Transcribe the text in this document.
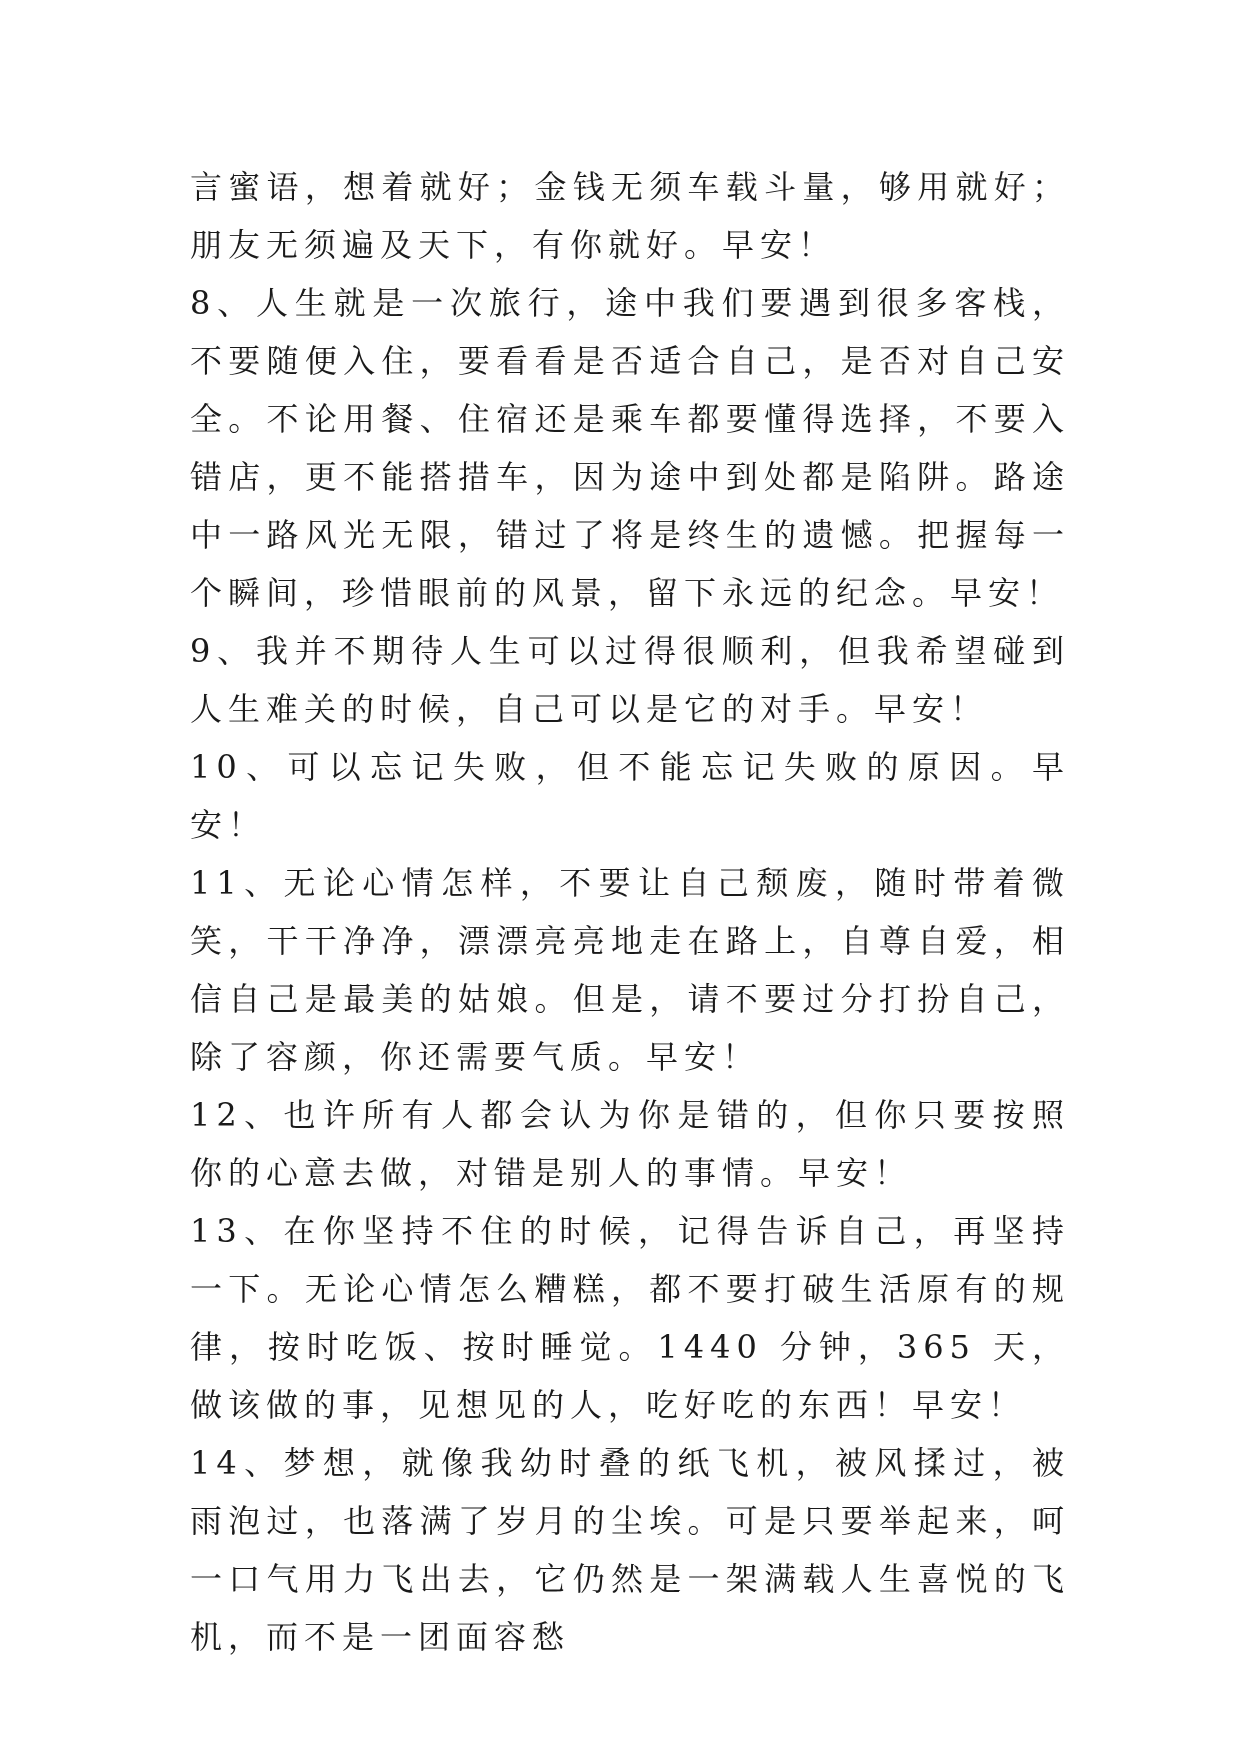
言蜜语，想着就好；金钱无须车载斗量，够用就好；朋友无须遍及天下，有你就好。早安！

8、人生就是一次旅行，途中我们要遇到很多客栈，不要随便入住，要看看是否适合自己，是否对自己安全。不论用餐、住宿还是乘车都要懂得选择，不要入错店，更不能搭措车，因为途中到处都是陷阱。路途中一路风光无限，错过了将是终生的遗憾。把握每一个瞬间，珍惜眼前的风景，留下永远的纪念。早安！

9、我并不期待人生可以过得很顺利，但我希望碰到人生难关的时候，自己可以是它的对手。早安！

10、可以忘记失败，但不能忘记失败的原因。早安！

11、无论心情怎样，不要让自己颓废，随时带着微笑，干干净净，漂漂亮亮地走在路上，自尊自爱，相信自己是最美的姑娘。但是，请不要过分打扮自己，除了容颜，你还需要气质。早安！

12、也许所有人都会认为你是错的，但你只要按照你的心意去做，对错是别人的事情。早安！

13、在你坚持不住的时候，记得告诉自己，再坚持一下。无论心情怎么糟糕，都不要打破生活原有的规律，按时吃饭、按时睡觉。1440 分钟，365 天，做该做的事，见想见的人，吃好吃的东西！早安！

14、梦想，就像我幼时叠的纸飞机，被风揉过，被雨泡过，也落满了岁月的尘埃。可是只要举起来，呵一口气用力飞出去，它仍然是一架满载人生喜悦的飞机，而不是一团面容愁
